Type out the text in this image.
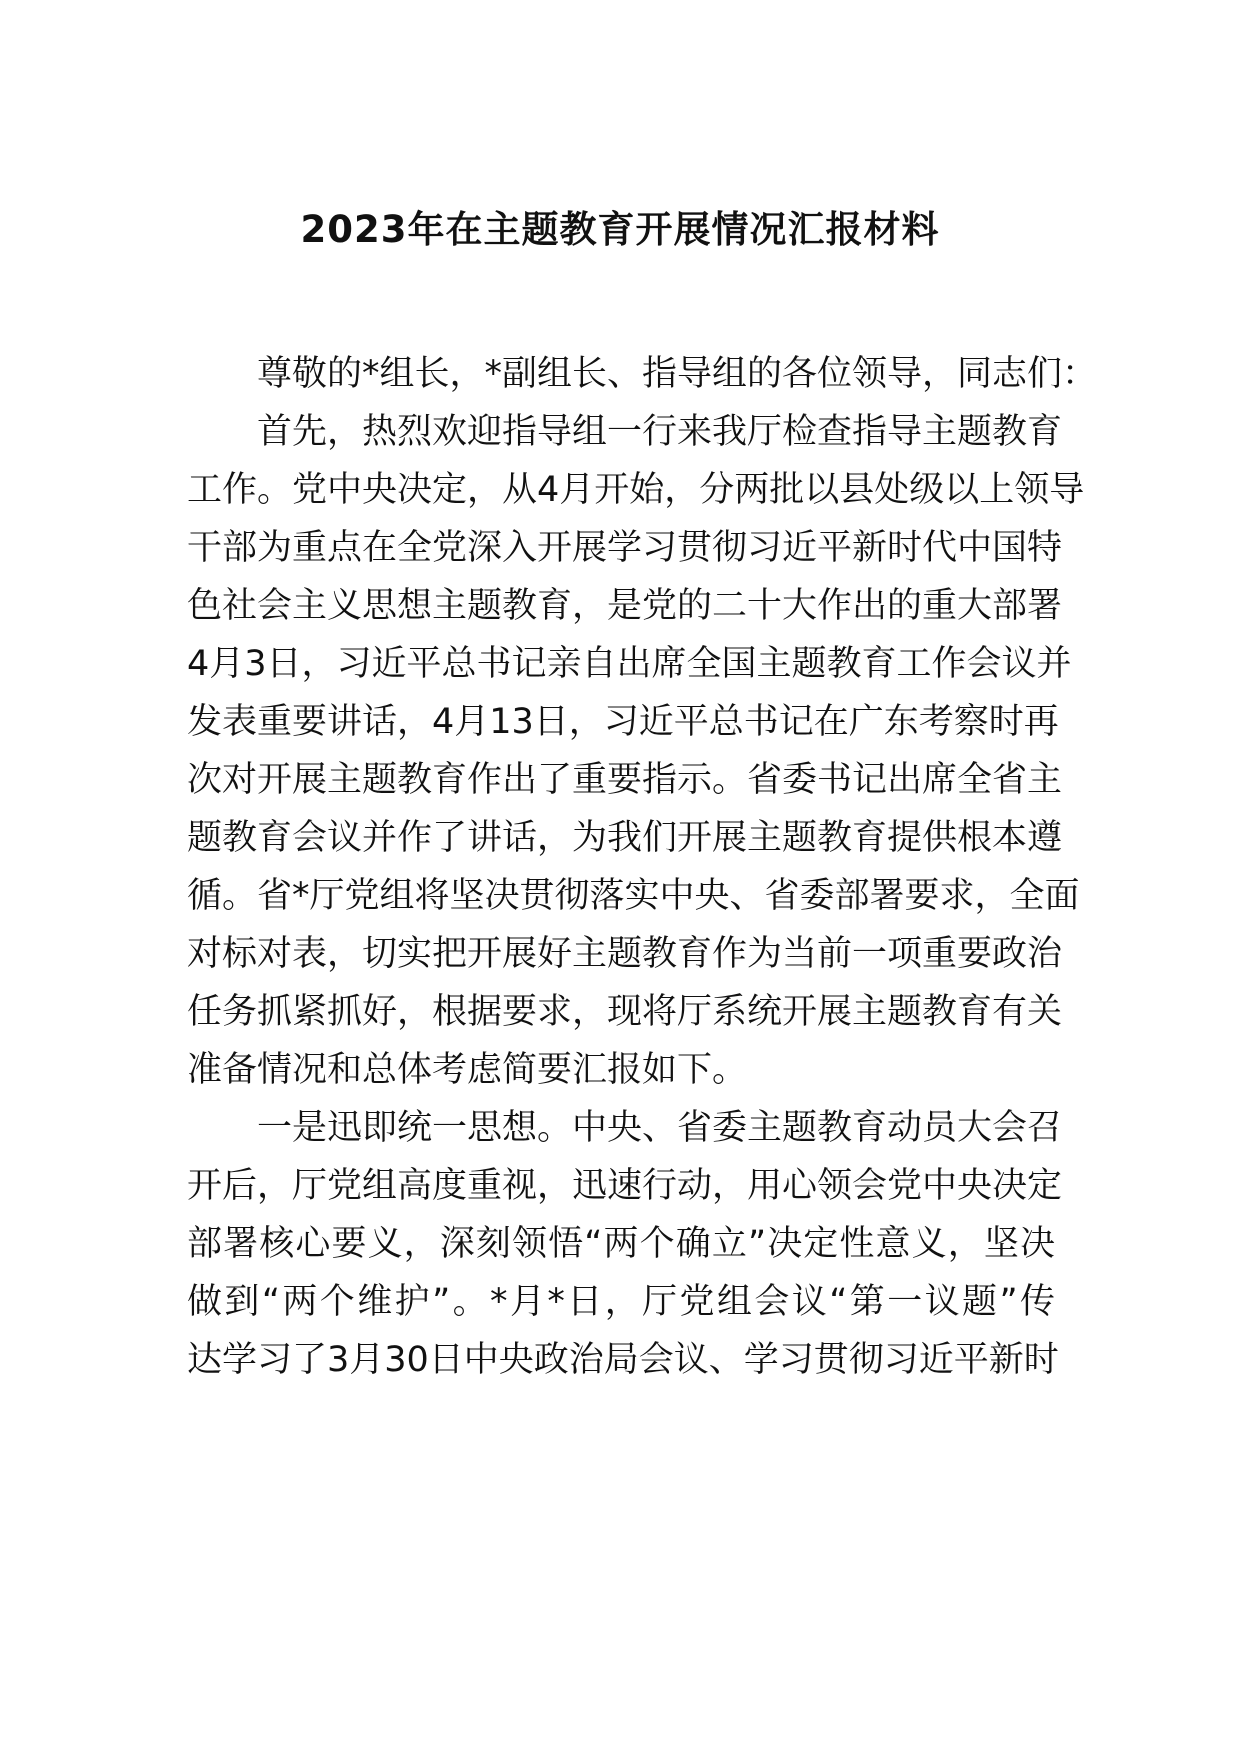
2023年在主题教育开展情况汇报材料
尊敬的*组长，*副组长、指导组的各位领导，同志们：
首先，热烈欢迎指导组一行来我厅检查指导主题教育
工作。党中央决定，从4月开始，分两批以县处级以上领导
干部为重点在全党深入开展学习贯彻习近平新时代中国特
色社会主义思想主题教育，是党的二十大作出的重大部署
4月3日，习近平总书记亲自出席全国主题教育工作会议并
发表重要讲话，4月13日，习近平总书记在广东考察时再
次对开展主题教育作出了重要指示。省委书记出席全省主
题教育会议并作了讲话，为我们开展主题教育提供根本遵
循。省*厅党组将坚决贯彻落实中央、省委部署要求，全面
对标对表，切实把开展好主题教育作为当前一项重要政治
任务抓紧抓好，根据要求，现将厅系统开展主题教育有关
准备情况和总体考虑简要汇报如下。
一是迅即统一思想。中央、省委主题教育动员大会召
开后，厅党组高度重视，迅速行动，用心领会党中央决定
部署核心要义，深刻领悟“两个确立”决定性意义，坚决
做到“两个维护”。*月*日，厅党组会议“第一议题”传
达学习了3月30日中央政治局会议、学习贯彻习近平新时
